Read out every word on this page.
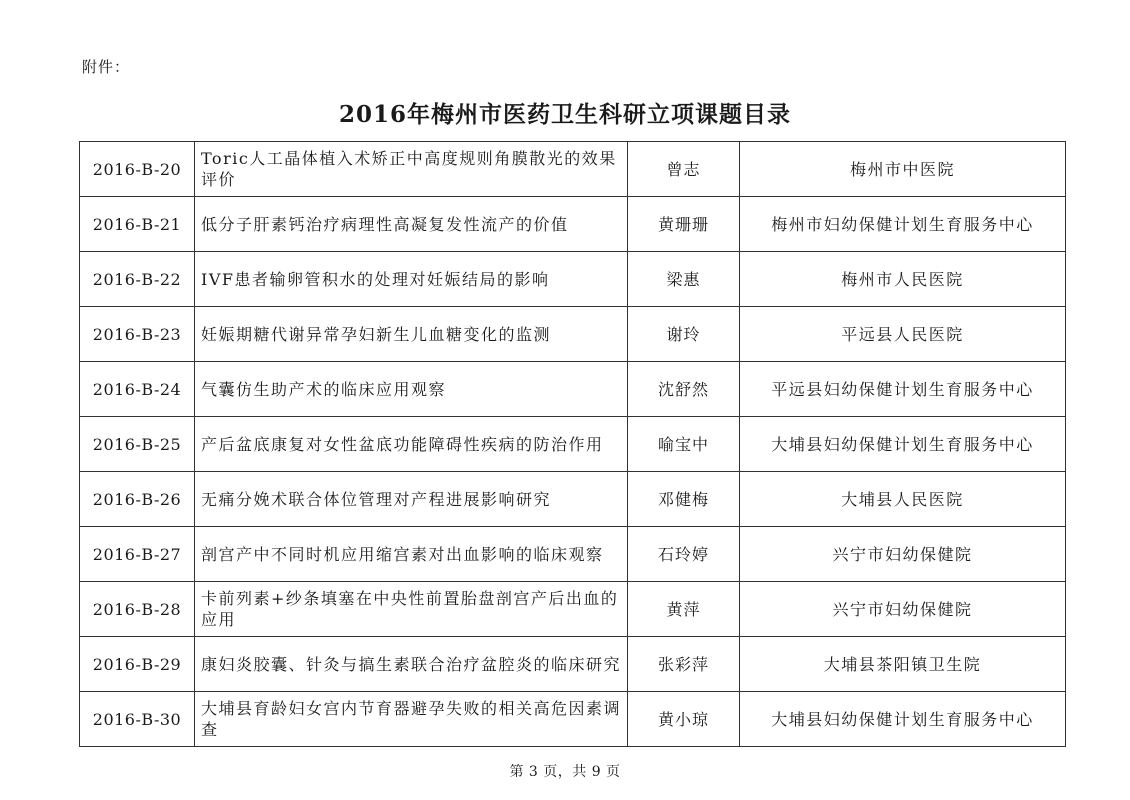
附件：
2016年梅州市医药卫生科研立项课题目录
2016-B-20	Toric人工晶体植入术矫正中高度规则角膜散光的效果评价	曾志	梅州市中医院
2016-B-21	低分子肝素钙治疗病理性高凝复发性流产的价值	黄珊珊	梅州市妇幼保健计划生育服务中心
2016-B-22	IVF患者输卵管积水的处理对妊娠结局的影响	梁惠	梅州市人民医院
2016-B-23	妊娠期糖代谢异常孕妇新生儿血糖变化的监测	谢玲	平远县人民医院
2016-B-24	气囊仿生助产术的临床应用观察	沈舒然	平远县妇幼保健计划生育服务中心
2016-B-25	产后盆底康复对女性盆底功能障碍性疾病的防治作用	喻宝中	大埔县妇幼保健计划生育服务中心
2016-B-26	无痛分娩术联合体位管理对产程进展影响研究	邓健梅	大埔县人民医院
2016-B-27	剖宫产中不同时机应用缩宫素对出血影响的临床观察	石玲婷	兴宁市妇幼保健院
2016-B-28	卡前列素+纱条填塞在中央性前置胎盘剖宫产后出血的应用	黄萍	兴宁市妇幼保健院
2016-B-29	康妇炎胶囊、针灸与搞生素联合治疗盆腔炎的临床研究	张彩萍	大埔县茶阳镇卫生院
2016-B-30	大埔县育龄妇女宫内节育器避孕失败的相关高危因素调查	黄小琼	大埔县妇幼保健计划生育服务中心
第 3 页，共 9 页
